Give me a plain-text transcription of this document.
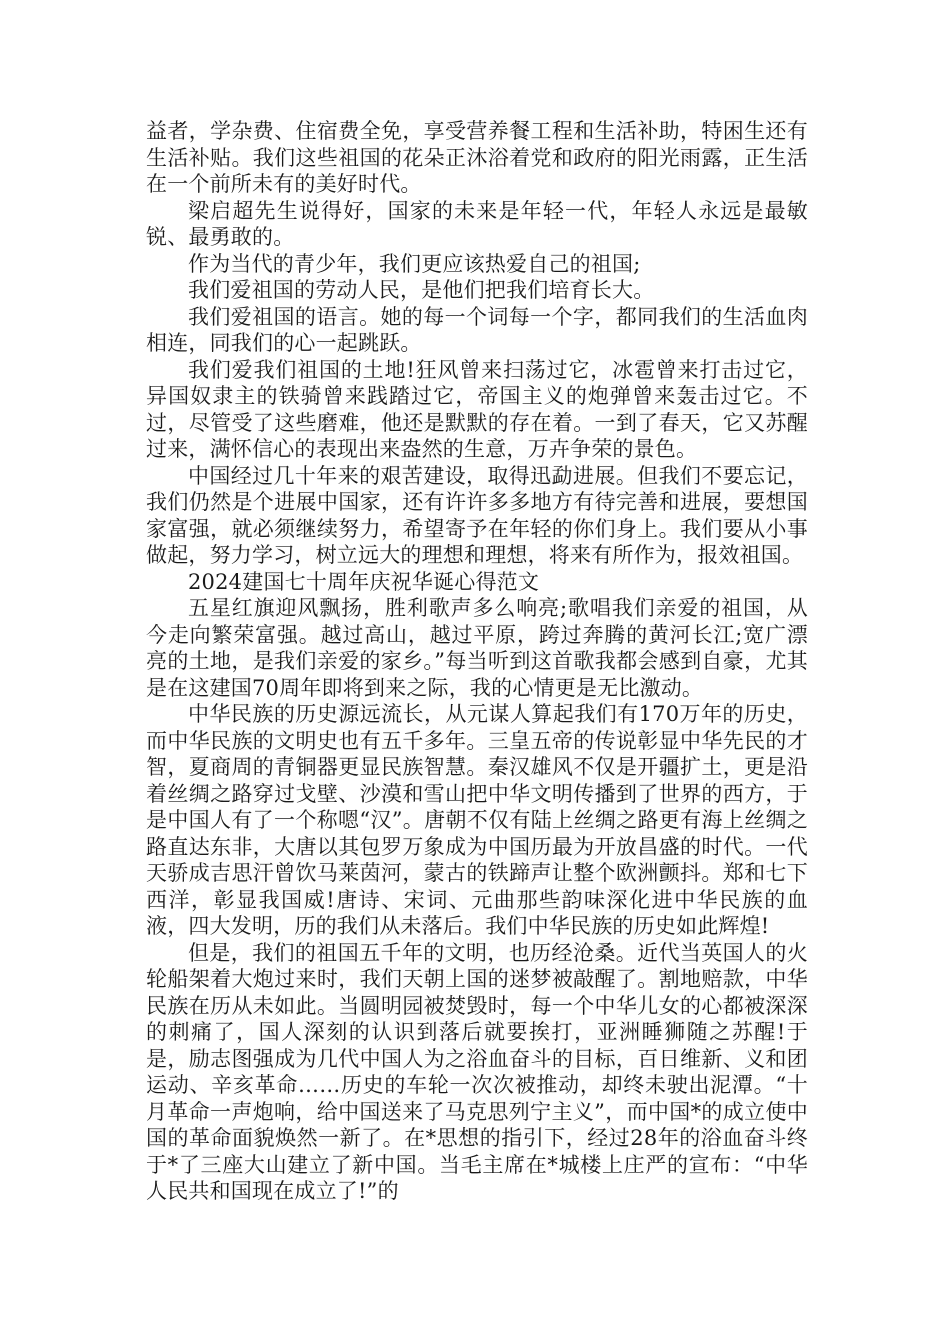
益者，学杂费、住宿费全免，享受营养餐工程和生活补助，特困生还有生活补贴。我们这些祖国的花朵正沐浴着党和政府的阳光雨露，正生活在一个前所未有的美好时代。

梁启超先生说得好，国家的未来是年轻一代，年轻人永远是最敏锐、最勇敢的。

作为当代的青少年，我们更应该热爱自己的祖国;

我们爱祖国的劳动人民，是他们把我们培育长大。

我们爱祖国的语言。她的每一个词每一个字，都同我们的生活血肉相连，同我们的心一起跳跃。

我们爱我们祖国的土地!狂风曾来扫荡过它，冰雹曾来打击过它，异国奴隶主的铁骑曾来践踏过它，帝国主义的炮弹曾来轰击过它。不过，尽管受了这些磨难，他还是默默的存在着。一到了春天，它又苏醒过来，满怀信心的表现出来盎然的生意，万卉争荣的景色。

中国经过几十年来的艰苦建设，取得迅勐进展。但我们不要忘记，我们仍然是个进展中国家，还有许许多多地方有待完善和进展，要想国家富强，就必须继续努力，希望寄予在年轻的你们身上。我们要从小事做起，努力学习，树立远大的理想和理想，将来有所作为，报效祖国。

2024建国七十周年庆祝华诞心得范文

五星红旗迎风飘扬，胜利歌声多么响亮;歌唱我们亲爱的祖国，从今走向繁荣富强。越过高山，越过平原，跨过奔腾的黄河长江;宽广漂亮的土地，是我们亲爱的家乡。”每当听到这首歌我都会感到自豪，尤其是在这建国70周年即将到来之际，我的心情更是无比激动。

中华民族的历史源远流长，从元谋人算起我们有170万年的历史，而中华民族的文明史也有五千多年。三皇五帝的传说彰显中华先民的才智，夏商周的青铜器更显民族智慧。秦汉雄风不仅是开疆扩土，更是沿着丝绸之路穿过戈壁、沙漠和雪山把中华文明传播到了世界的西方，于是中国人有了一个称嗯“汉”。唐朝不仅有陆上丝绸之路更有海上丝绸之路直达东非，大唐以其包罗万象成为中国历最为开放昌盛的时代。一代天骄成吉思汗曾饮马莱茵河，蒙古的铁蹄声让整个欧洲颤抖。郑和七下西洋，彰显我国威!唐诗、宋词、元曲那些韵味深化进中华民族的血液，四大发明，历的我们从未落后。我们中华民族的历史如此辉煌!

但是，我们的祖国五千年的文明，也历经沧桑。近代当英国人的火轮船架着大炮过来时，我们天朝上国的迷梦被敲醒了。割地赔款，中华民族在历从未如此。当圆明园被焚毁时，每一个中华儿女的心都被深深的刺痛了，国人深刻的认识到落后就要挨打，亚洲睡狮随之苏醒!于是，励志图强成为几代中国人为之浴血奋斗的目标，百日维新、义和团运动、辛亥革命……历史的车轮一次次被推动，却终未驶出泥潭。“十月革命一声炮响，给中国送来了马克思列宁主义”，而中国*的成立使中国的革命面貌焕然一新了。在*思想的指引下，经过28年的浴血奋斗终于*了三座大山建立了新中国。当毛主席在*城楼上庄严的宣布：“中华人民共和国现在成立了!”的
